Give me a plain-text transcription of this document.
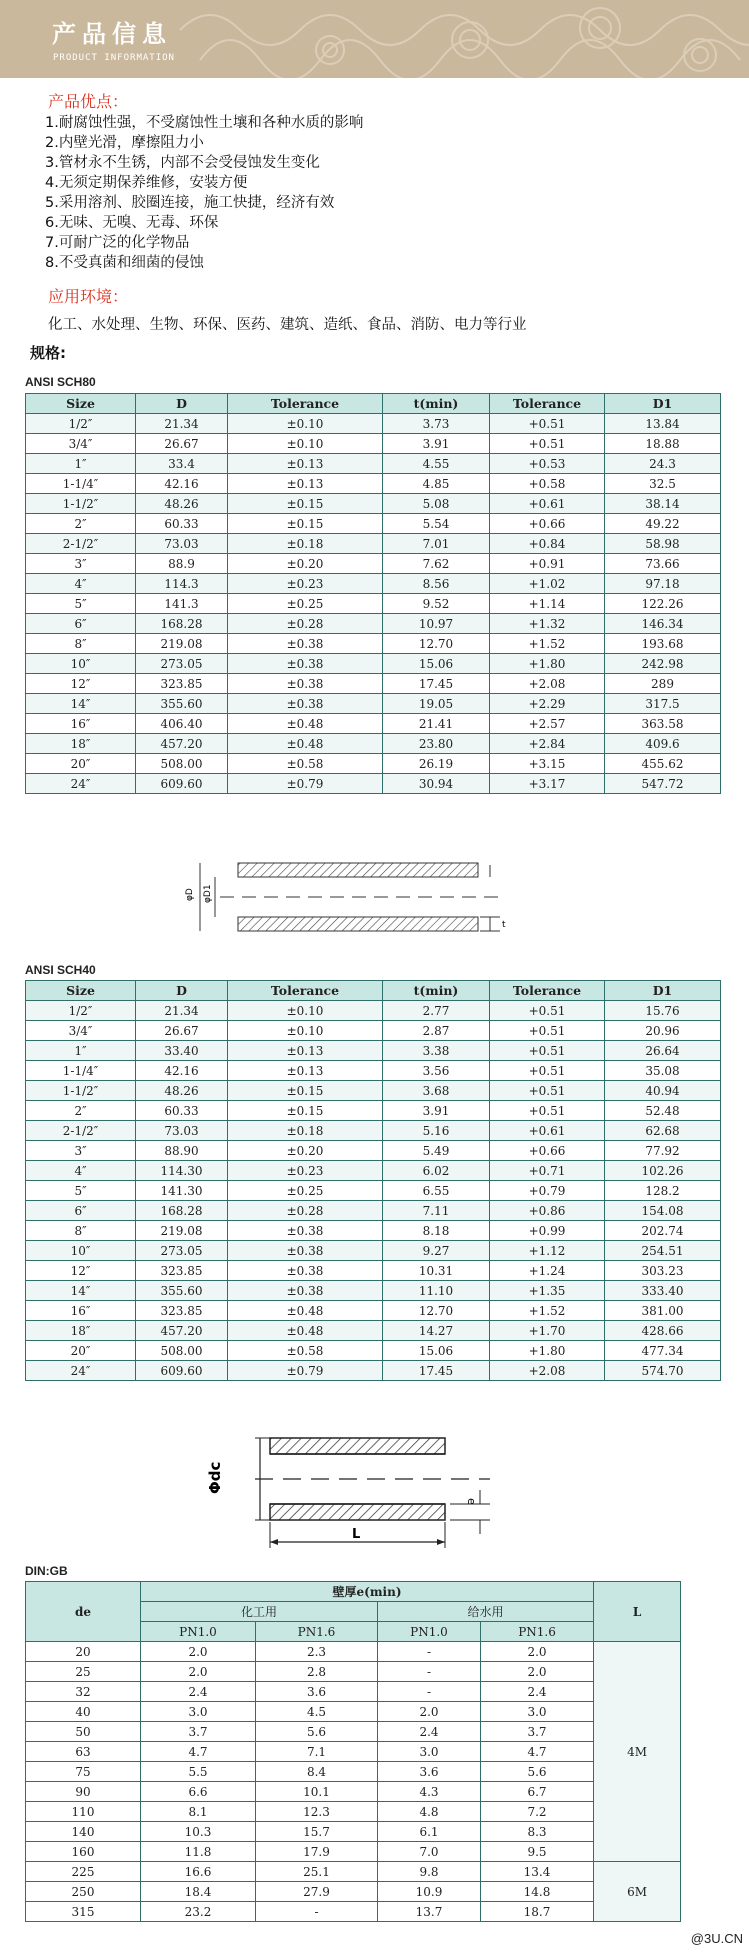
产品信息
PRODUCT INFORMATION
产品优点：
1.耐腐蚀性强，不受腐蚀性土壤和各种水质的影响
2.内壁光滑，摩擦阻力小
3.管材永不生锈，内部不会受侵蚀发生变化
4.无须定期保养维修，安装方便
5.采用溶剂、胶圈连接，施工快捷，经济有效
6.无味、无嗅、无毒、环保
7.可耐广泛的化学物品
8.不受真菌和细菌的侵蚀
应用环境：
化工、水处理、生物、环保、医药、建筑、造纸、食品、消防、电力等行业
规格:
ANSI SCH80
Size	D	Tolerance	t(min)	Tolerance	D1
1/2″	21.34	±0.10	3.73	+0.51	13.84
3/4″	26.67	±0.10	3.91	+0.51	18.88
1″	33.4	±0.13	4.55	+0.53	24.3
1-1/4″	42.16	±0.13	4.85	+0.58	32.5
1-1/2″	48.26	±0.15	5.08	+0.61	38.14
2″	60.33	±0.15	5.54	+0.66	49.22
2-1/2″	73.03	±0.18	7.01	+0.84	58.98
3″	88.9	±0.20	7.62	+0.91	73.66
4″	114.3	±0.23	8.56	+1.02	97.18
5″	141.3	±0.25	9.52	+1.14	122.26
6″	168.28	±0.28	10.97	+1.32	146.34
8″	219.08	±0.38	12.70	+1.52	193.68
10″	273.05	±0.38	15.06	+1.80	242.98
12″	323.85	±0.38	17.45	+2.08	289
14″	355.60	±0.38	19.05	+2.29	317.5
16″	406.40	±0.48	21.41	+2.57	363.58
18″	457.20	±0.48	23.80	+2.84	409.6
20″	508.00	±0.58	26.19	+3.15	455.62
24″	609.60	±0.79	30.94	+3.17	547.72
φD φD1
t
ANSI SCH40
Size	D	Tolerance	t(min)	Tolerance	D1
1/2″	21.34	±0.10	2.77	+0.51	15.76
3/4″	26.67	±0.10	2.87	+0.51	20.96
1″	33.40	±0.13	3.38	+0.51	26.64
1-1/4″	42.16	±0.13	3.56	+0.51	35.08
1-1/2″	48.26	±0.15	3.68	+0.51	40.94
2″	60.33	±0.15	3.91	+0.51	52.48
2-1/2″	73.03	±0.18	5.16	+0.61	62.68
3″	88.90	±0.20	5.49	+0.66	77.92
4″	114.30	±0.23	6.02	+0.71	102.26
5″	141.30	±0.25	6.55	+0.79	128.2
6″	168.28	±0.28	7.11	+0.86	154.08
8″	219.08	±0.38	8.18	+0.99	202.74
10″	273.05	±0.38	9.27	+1.12	254.51
12″	323.85	±0.38	10.31	+1.24	303.23
14″	355.60	±0.38	11.10	+1.35	333.40
16″	323.85	±0.48	12.70	+1.52	381.00
18″	457.20	±0.48	14.27	+1.70	428.66
20″	508.00	±0.58	15.06	+1.80	477.34
24″	609.60	±0.79	17.45	+2.08	574.70
Φdc
L
e
DIN:GB
de	壁厚e(min)				L
	化工用		给水用		
	PN1.0	PN1.6	PN1.0	PN1.6	
20	2.0	2.3	-	2.0	4M
25	2.0	2.8	-	2.0	
32	2.4	3.6	-	2.4	
40	3.0	4.5	2.0	3.0	
50	3.7	5.6	2.4	3.7	
63	4.7	7.1	3.0	4.7	
75	5.5	8.4	3.6	5.6	
90	6.6	10.1	4.3	6.7	
110	8.1	12.3	4.8	7.2	
140	10.3	15.7	6.1	8.3	
160	11.8	17.9	7.0	9.5	
225	16.6	25.1	9.8	13.4	6M
250	18.4	27.9	10.9	14.8	
315	23.2	-	13.7	18.7	
@3U.CN
